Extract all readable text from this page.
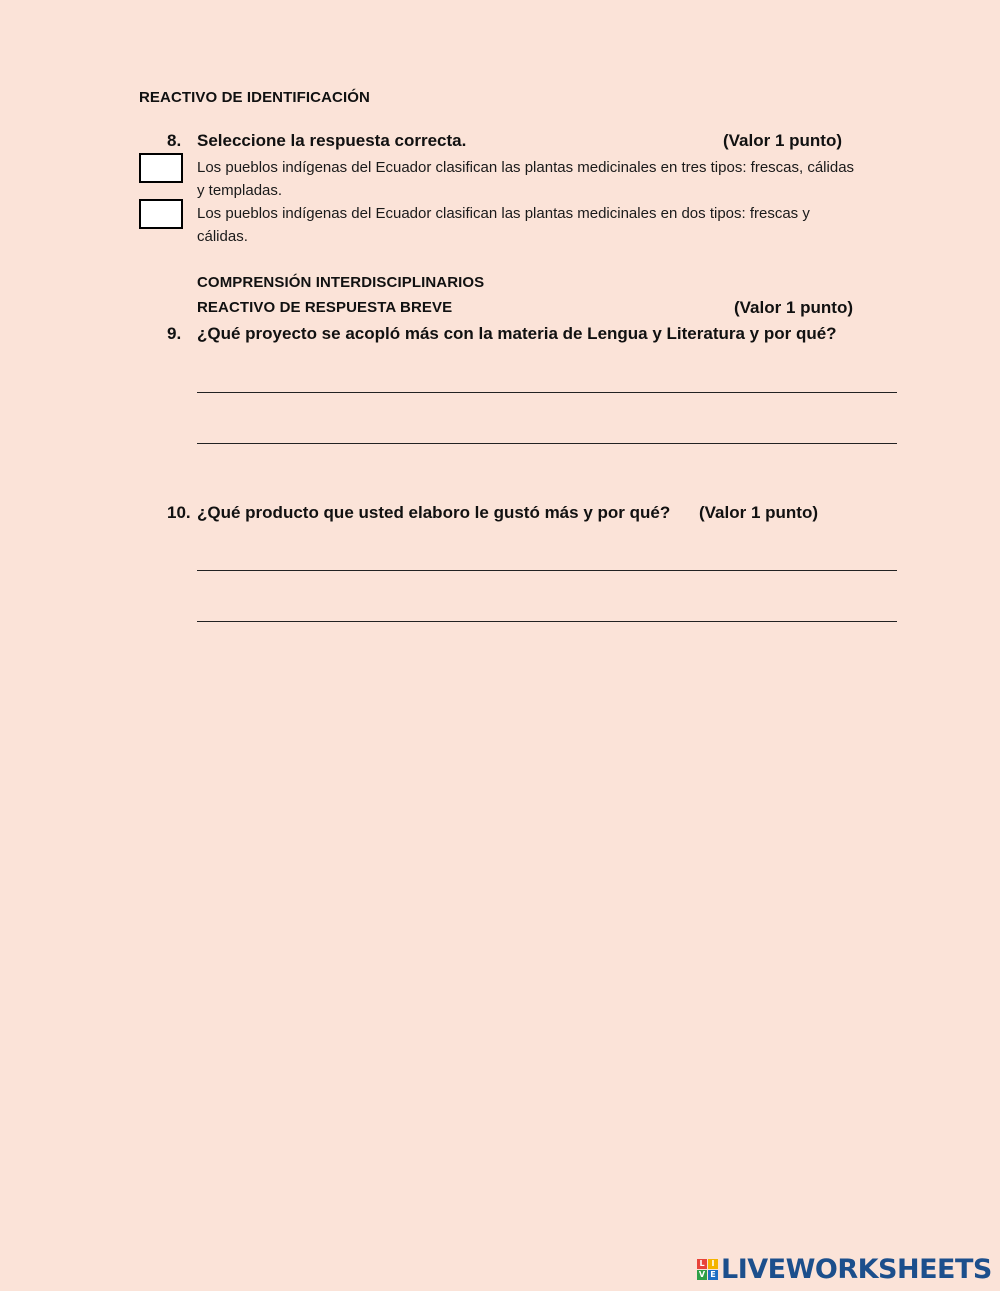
REACTIVO DE IDENTIFICACIÓN
8. Seleccione la respuesta correcta.	(Valor 1 punto)
Los pueblos indígenas del Ecuador clasifican las plantas medicinales en tres tipos: frescas, cálidas y templadas.
Los pueblos indígenas del Ecuador clasifican las plantas medicinales en dos tipos: frescas y cálidas.
COMPRENSIÓN INTERDISCIPLINARIOS
REACTIVO DE RESPUESTA BREVE	(Valor 1 punto)
9. ¿Qué proyecto se acopló más con la materia de Lengua y Literatura y por qué?
10. ¿Qué producto que usted elaboro le gustó más y por qué? (Valor 1 punto)
L I
V E LIVEWORKSHEETS
